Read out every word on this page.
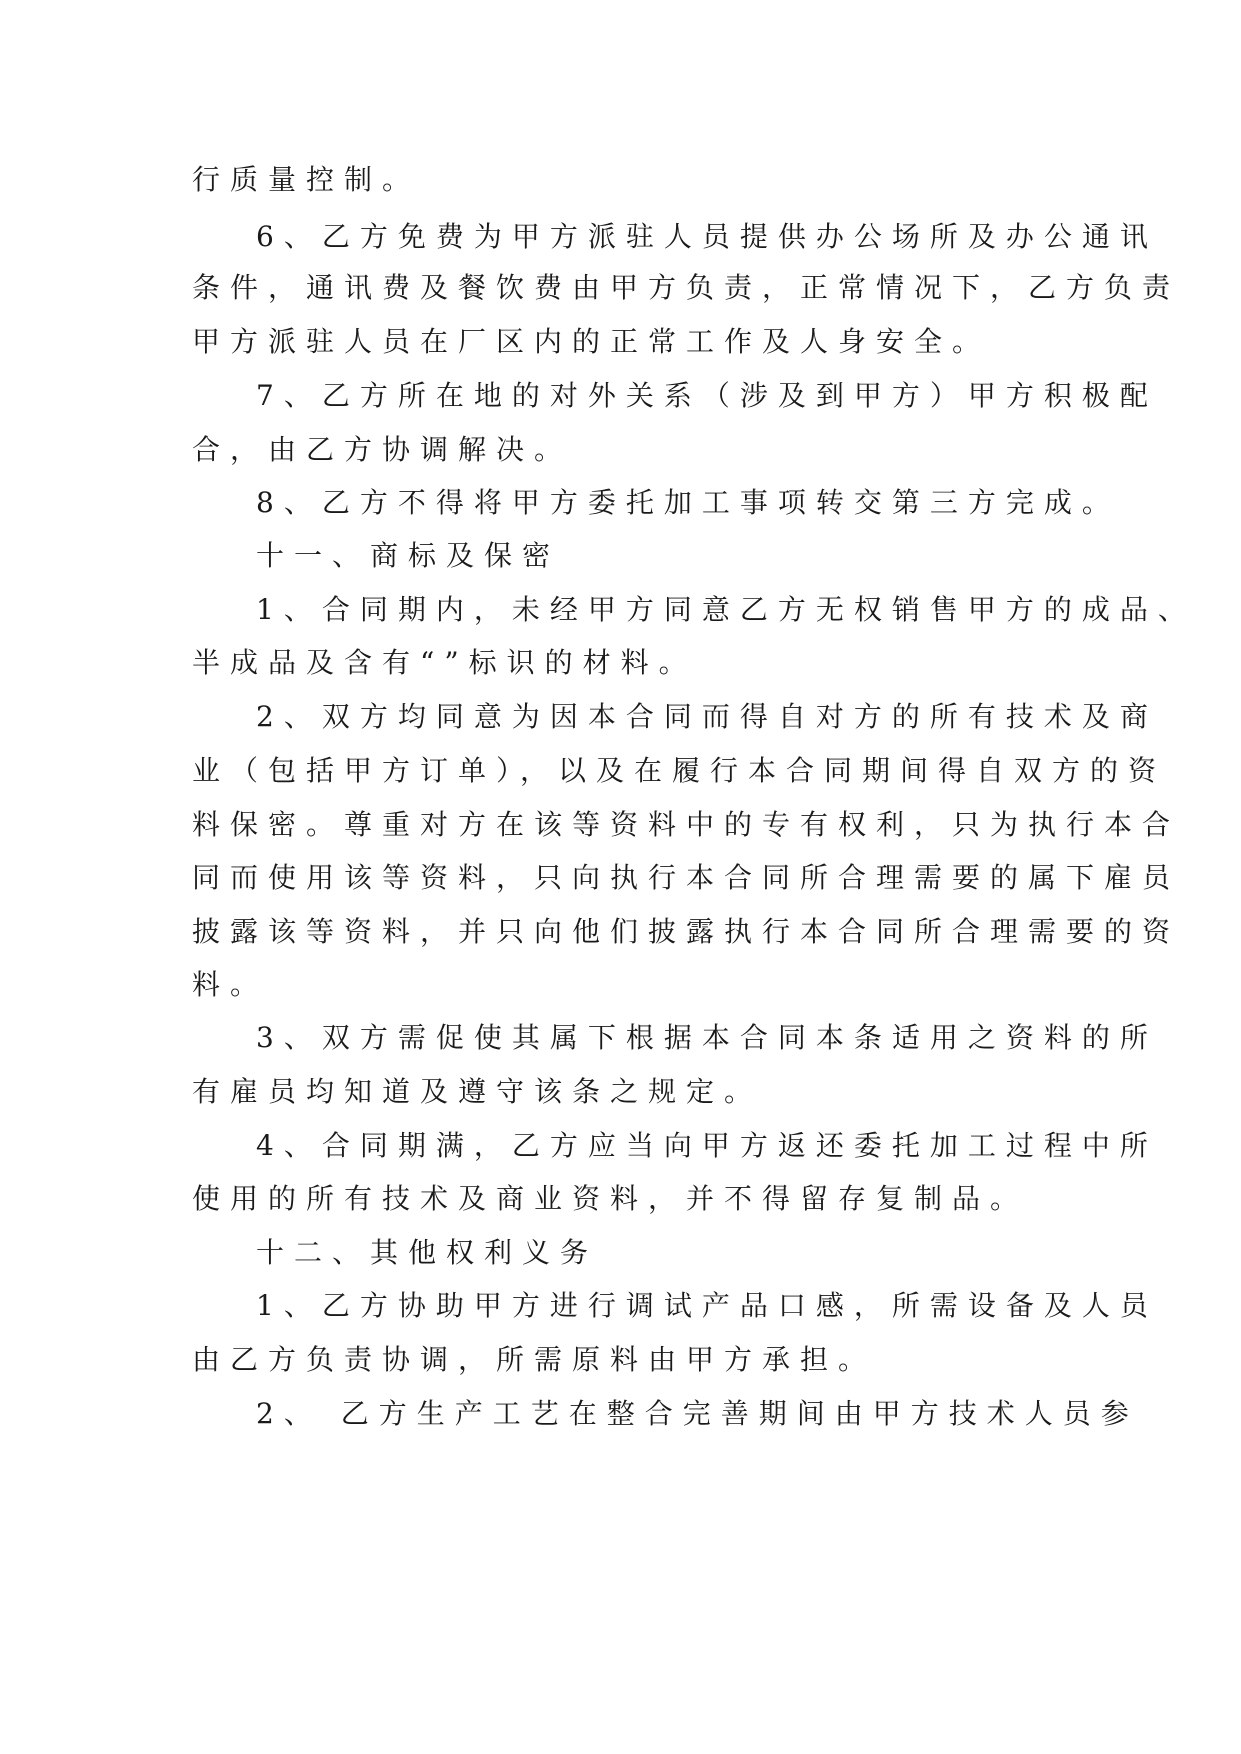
行质量控制。
6、乙方免费为甲方派驻人员提供办公场所及办公通讯
条件，通讯费及餐饮费由甲方负责，正常情况下，乙方负责
甲方派驻人员在厂区内的正常工作及人身安全。
7、乙方所在地的对外关系（涉及到甲方）甲方积极配
合，由乙方协调解决。
8、乙方不得将甲方委托加工事项转交第三方完成。
十一、商标及保密
1、合同期内，未经甲方同意乙方无权销售甲方的成品、
半成品及含有“”标识的材料。
2、双方均同意为因本合同而得自对方的所有技术及商
业（包括甲方订单），以及在履行本合同期间得自双方的资
料保密。尊重对方在该等资料中的专有权利，只为执行本合
同而使用该等资料，只向执行本合同所合理需要的属下雇员
披露该等资料，并只向他们披露执行本合同所合理需要的资
料。
3、双方需促使其属下根据本合同本条适用之资料的所
有雇员均知道及遵守该条之规定。
4、合同期满，乙方应当向甲方返还委托加工过程中所
使用的所有技术及商业资料，并不得留存复制品。
十二、其他权利义务
1、乙方协助甲方进行调试产品口感，所需设备及人员
由乙方负责协调，所需原料由甲方承担。
2、 乙方生产工艺在整合完善期间由甲方技术人员参
